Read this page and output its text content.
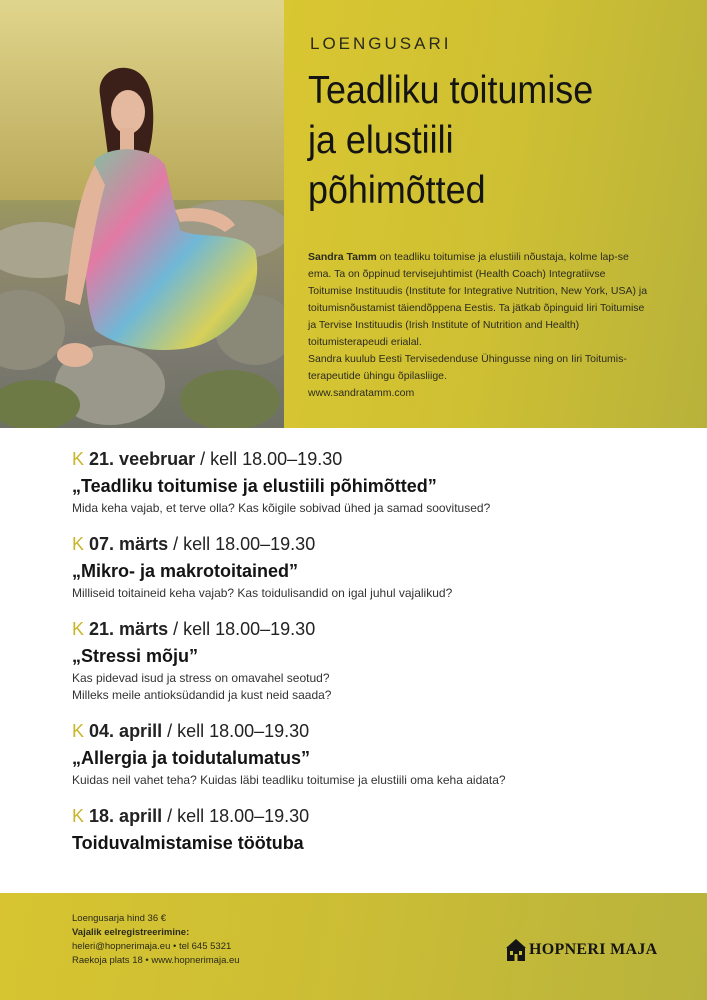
LOENGUSARI
Teadliku toitumise
ja elustiili
põhimõtted

Sandra Tamm on teadliku toitumise ja elustiili nõustaja, kolme lap-se ema. Ta on õppinud tervisejuhtimist (Health Coach) Integratiivse Toitumise Instituudis (Institute for Integrative Nutrition, New York, USA) ja toitumisnõustamist täiendõppena Eestis. Ta jätkab õpinguid Iiri Toitumise ja Tervise Instituudis (Irish Institute of Nutrition and Health) toitumisterapeudi erialal.

Sandra kuulub Eesti Tervisedenduse Ühingusse ning on Iiri Toitumis-terapeutide ühingu õpilasliige.

www.sandratamm.com

K 21. veebruar / kell 18.00–19.30
„Teadliku toitumise ja elustiili põhimõtted”
Mida keha vajab, et terve olla? Kas kõigile sobivad ühed ja samad soovitused?
K 07. märts / kell 18.00–19.30
„Mikro- ja makrotoitained”
Milliseid toitaineid keha vajab? Kas toidulisandid on igal juhul vajalikud?
K 21. märts / kell 18.00–19.30
„Stressi mõju”
Kas pidevad isud ja stress on omavahel seotud?
Milleks meile antioksüdandid ja kust neid saada?
K 04. aprill / kell 18.00–19.30
„Allergia ja toidutalumatus”
Kuidas neil vahet teha? Kuidas läbi teadliku toitumise ja elustiili oma keha aidata?
K 18. aprill / kell 18.00–19.30
Toiduvalmistamise töötuba
Loengusarja hind 36 €
Vajalik eelregistreerimine:
heleri@hopnerimaja.eu • tel 645 5321
Raekoja plats 18 • www.hopnerimaja.eu
HOPNERI MAJA
